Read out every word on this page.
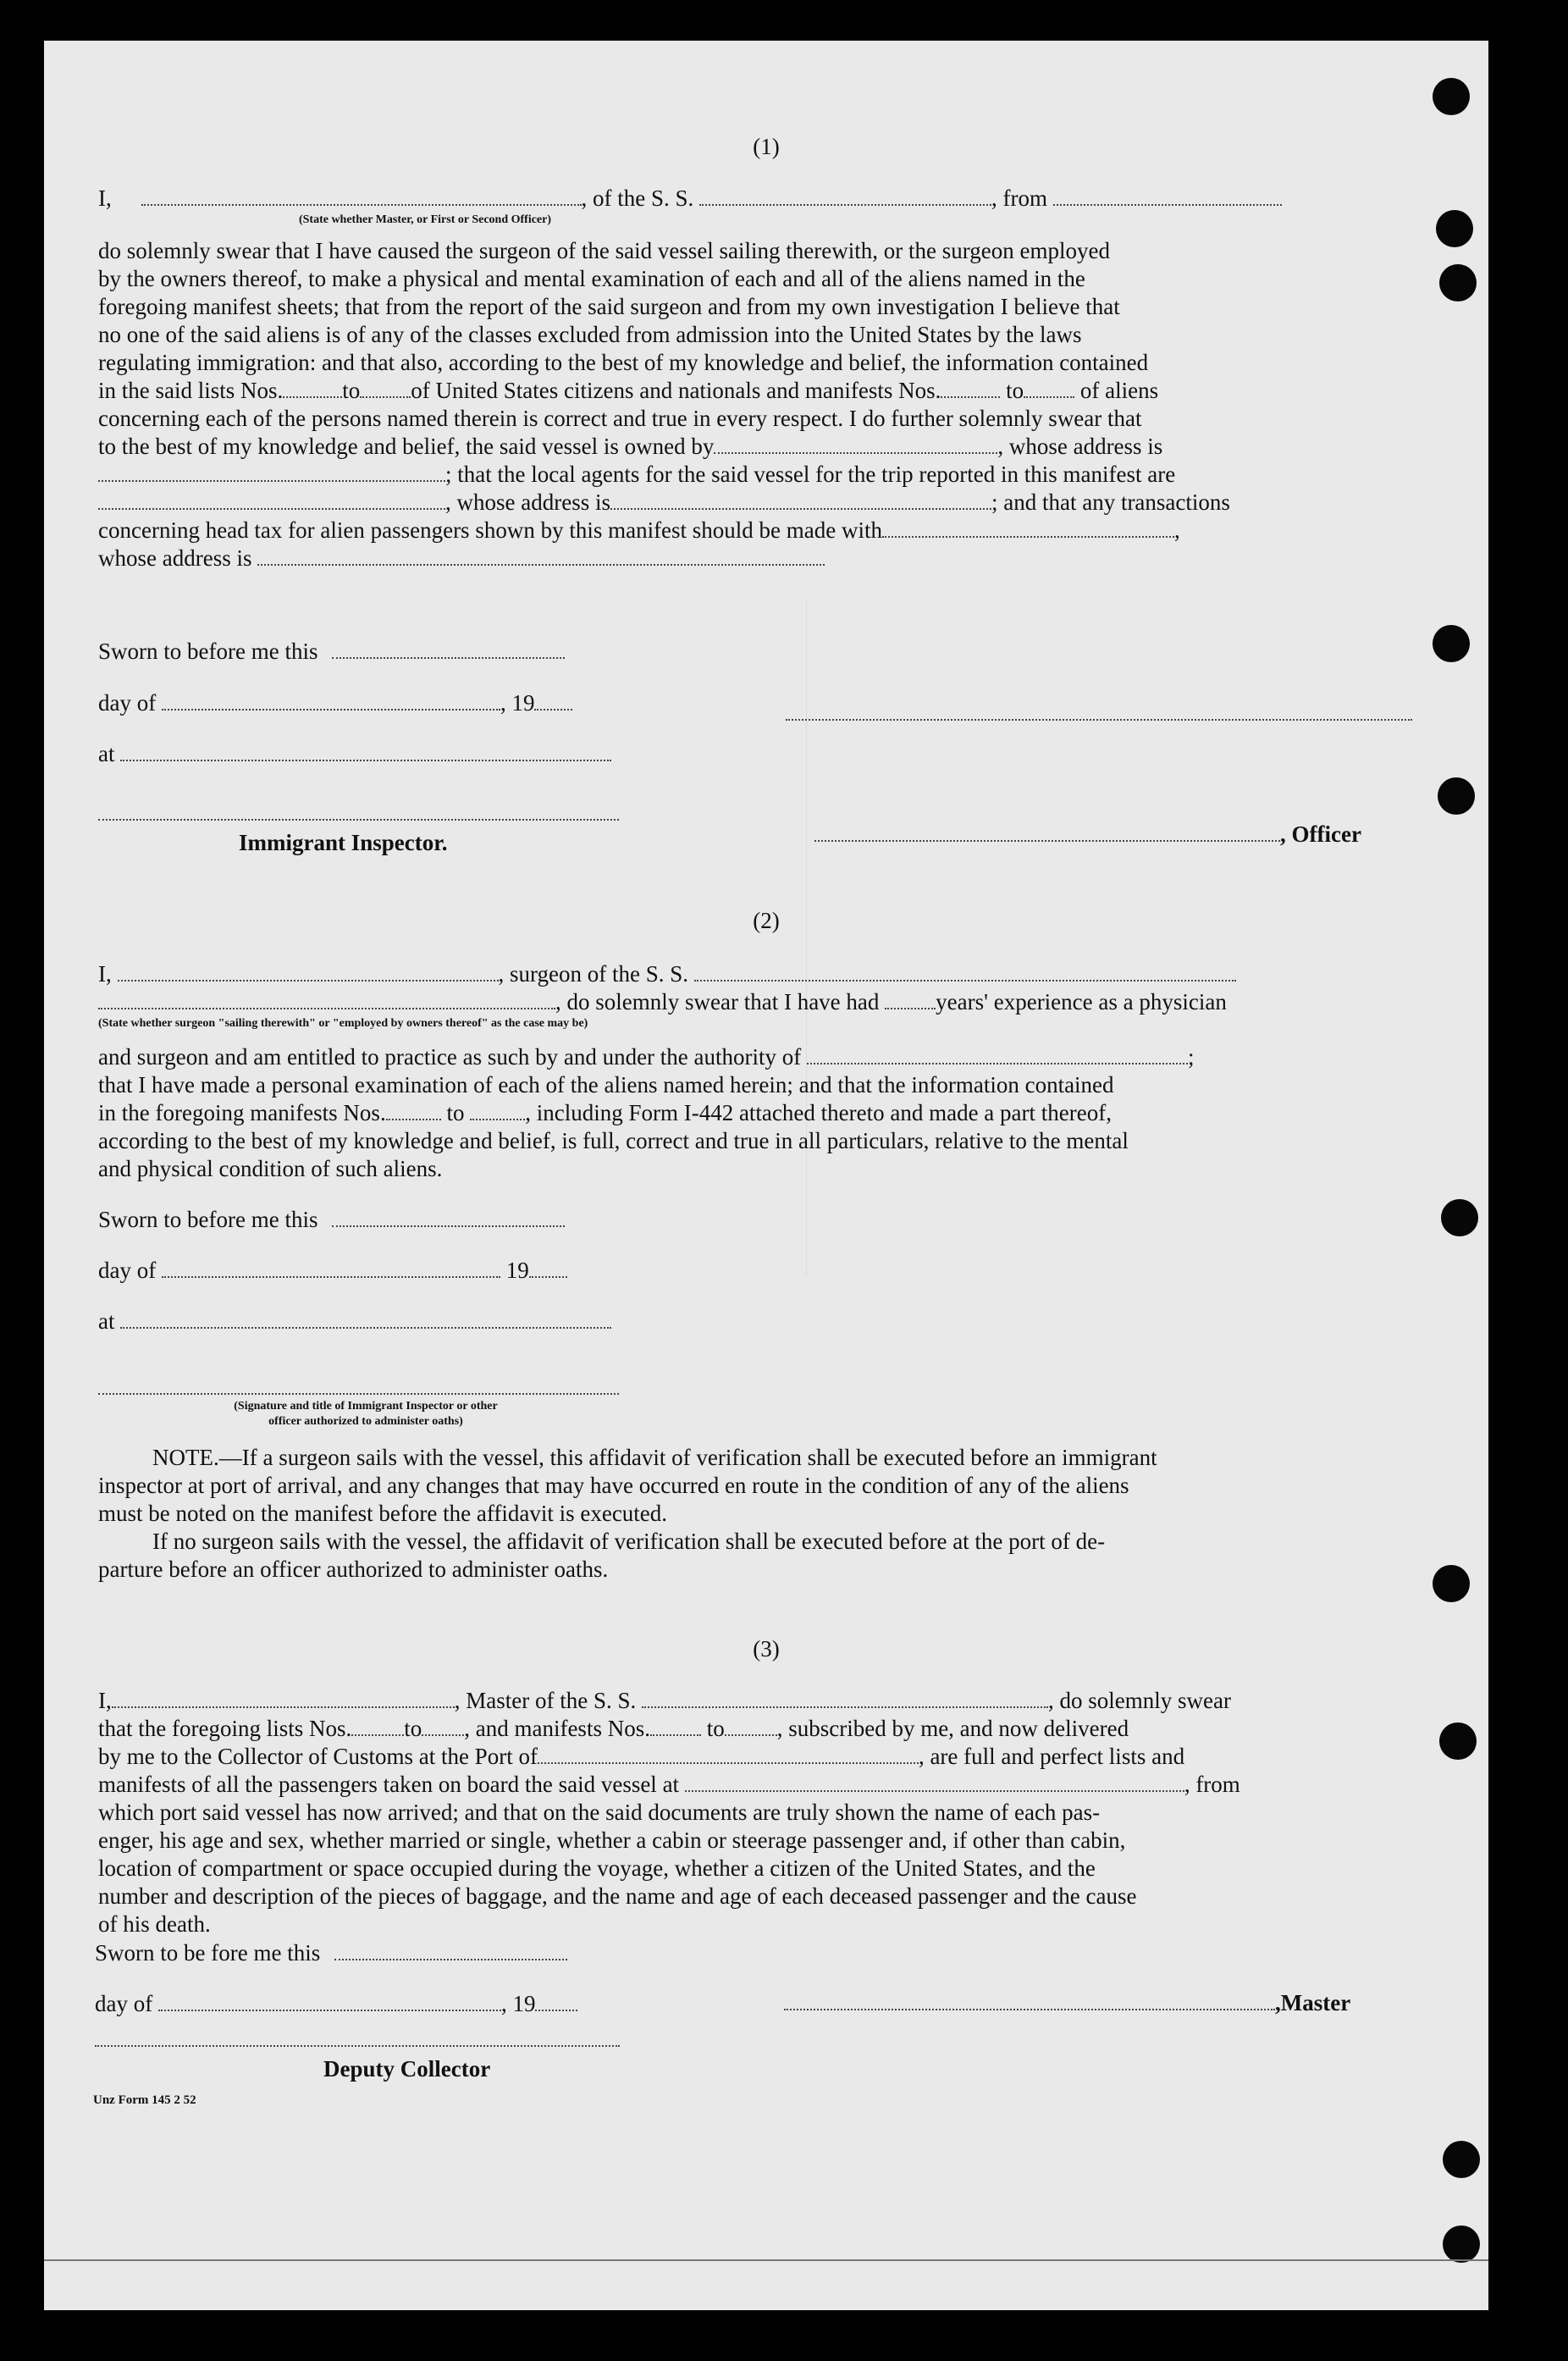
(1)
I,	, of the S. S.	, from
(State whether Master, or First or Second Officer)

do solemnly swear that I have caused the surgeon of the said vessel sailing therewith, or the surgeon employed

by the owners thereof, to make a physical and mental examination of each and all of the aliens named in the

foregoing manifest sheets; that from the report of the said surgeon and from my own investigation I believe that

no one of the said aliens is of any of the classes excluded from admission into the United States by the laws

regulating immigration: and that also, according to the best of my knowledge and belief, the information contained

in the said lists Nos.	to of United States citizens and nationals and manifests Nos.	to of aliens

concerning each of the persons named therein is correct and true in every respect. I do further solemnly swear that

to the best of my knowledge and belief, the said vessel is owned by	, whose address is

; that the local agents for the said vessel for the trip reported in this manifest are

, whose address is	; and that any transactions

concerning head tax for alien passengers shown by this manifest should be made with	,

whose address is

Sworn to before me this
day of	, 19
at
Immigrant Inspector.	, Officer
(2)
I,	, surgeon of the S. S.
, do solemnly swear that I have had years' experience as a physician
(State whether surgeon "sailing therewith" or "employed by owners thereof" as the case may be)

and surgeon and am entitled to practice as such by and under the authority of	;

that I have made a personal examination of each of the aliens named herein; and that the information contained

in the foregoing manifests Nos.	to	, including Form I-442 attached thereto and made a part thereof,

according to the best of my knowledge and belief, is full, correct and true in all particulars, relative to the mental

and physical condition of such aliens.

Sworn to before me this
day of	19
at
(Signature and title of Immigrant Inspector or other
officer authorized to administer oaths)

NOTE.—If a surgeon sails with the vessel, this affidavit of verification shall be executed before an immigrant

inspector at port of arrival, and any changes that may have occurred en route in the condition of any of the aliens

must be noted on the manifest before the affidavit is executed.

If no surgeon sails with the vessel, the affidavit of verification shall be executed before at the port of de-

parture before an officer authorized to administer oaths.

(3)
I,	, Master of the S. S.	, do solemnly swear

that the foregoing lists Nos. to , and manifests Nos. to , subscribed by me, and now delivered

by me to the Collector of Customs at the Port of	, are full and perfect lists and

manifests of all the passengers taken on board the said vessel at	, from

which port said vessel has now arrived; and that on the said documents are truly shown the name of each pas-

enger, his age and sex, whether married or single, whether a cabin or steerage passenger and, if other than cabin,

location of compartment or space occupied during the voyage, whether a citizen of the United States, and the

number and description of the pieces of baggage, and the name and age of each deceased passenger and the cause

of his death.

Sworn to be fore me this
day of	, 19	,Master
Deputy Collector
Unz Form 145 2 52
